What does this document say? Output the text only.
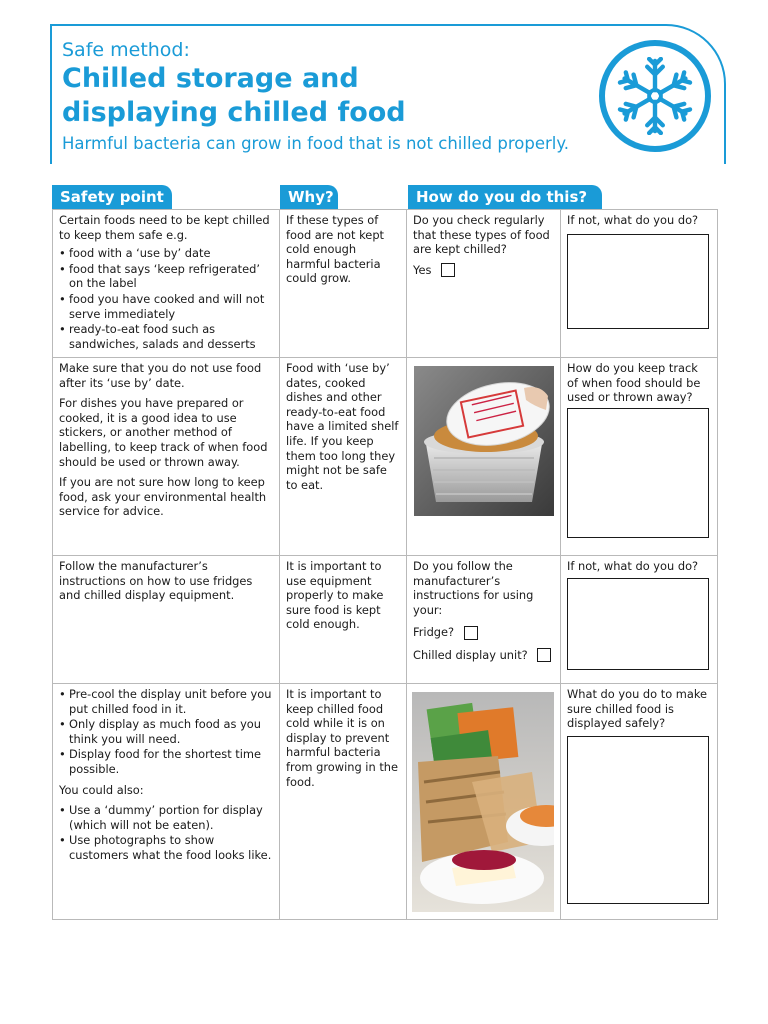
Safe method:
Chilled storage and
displaying chilled food
Harmful bacteria can grow in food that is not chilled properly.
Safety point	Why?	How do you do this?

Certain foods need to be kept chilled to keep them safe e.g.

• food with a ‘use by’ date
• food that says ‘keep refrigerated’ on the label
• food you have cooked and will not serve immediately
• ready-to-eat food such as sandwiches, salads and desserts

If these types of food are not kept cold enough harmful bacteria could grow.

Do you check regularly that these types of food are kept chilled?

Yes

If not, what do you do?

Make sure that you do not use food after its ‘use by’ date.

For dishes you have prepared or cooked, it is a good idea to use stickers, or another method of labelling, to keep track of when food should be used or thrown away.

If you are not sure how long to keep food, ask your environmental health service for advice.

Food with ‘use by’ dates, cooked dishes and other ready-to-eat food have a limited shelf life. If you keep them too long they might not be safe to eat.

How do you keep track of when food should be used or thrown away?

Follow the manufacturer’s instructions on how to use fridges and chilled display equipment.

It is important to use equipment properly to make sure food is kept cold enough.

Do you follow the manufacturer’s instructions for using your:

Fridge?
Chilled display unit?

If not, what do you do?

• Pre-cool the display unit before you put chilled food in it.
• Only display as much food as you think you will need.
• Display food for the shortest time possible.

You could also:

• Use a ‘dummy’ portion for display (which will not be eaten).
• Use photographs to show customers what the food looks like.

It is important to keep chilled food cold while it is on display to prevent harmful bacteria from growing in the food.

What do you do to make sure chilled food is displayed safely?
